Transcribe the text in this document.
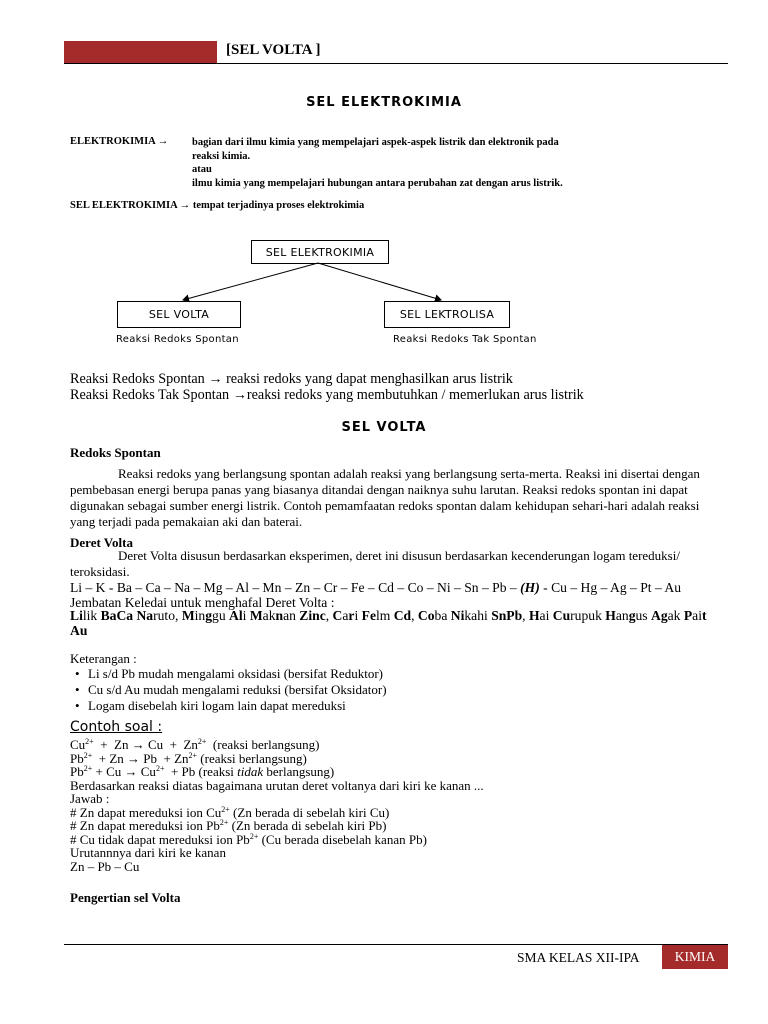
[SEL VOLTA ]
SEL ELEKTROKIMIA
ELEKTROKIMIA → bagian dari ilmu kimia yang mempelajari aspek-aspek listrik dan elektronik pada
reaksi kimia.
atau
ilmu kimia yang mempelajari hubungan antara perubahan zat dengan arus listrik.
SEL ELEKTROKIMIA → tempat terjadinya proses elektrokimia
SEL ELEKTROKIMIA
SEL VOLTA	SEL LEKTROLISA
Reaksi Redoks Spontan	Reaksi Redoks Tak Spontan
Reaksi Redoks Spontan → reaksi redoks yang dapat menghasilkan arus listrik
Reaksi Redoks Tak Spontan →reaksi redoks yang membutuhkan / memerlukan arus listrik
SEL VOLTA
Redoks Spontan
Reaksi redoks yang berlangsung spontan adalah reaksi yang berlangsung serta-merta. Reaksi ini disertai dengan pembebasan energi berupa panas yang biasanya ditandai dengan naiknya suhu larutan. Reaksi redoks spontan ini dapat digunakan sebagai sumber energi listrik. Contoh pemamfaatan redoks spontan dalam kehidupan sehari-hari adalah reaksi yang terjadi pada pemakaian aki dan baterai.
Deret Volta
Deret Volta disusun berdasarkan eksperimen, deret ini disusun berdasarkan kecenderungan logam tereduksi/ teroksidasi.
Li – K - Ba – Ca – Na – Mg – Al – Mn – Zn – Cr – Fe – Cd – Co – Ni – Sn – Pb – (H) - Cu – Hg – Ag – Pt – Au
Jembatan Keledai untuk menghafal Deret Volta :
Lilik BaCa Naruto, Minggu Ali Maknan Zinc, Cari Felm Cd, Coba Nikahi SnPb, Hai Curupuk Hangus Agak Pait Au
Keterangan :
• Li s/d Pb mudah mengalami oksidasi (bersifat Reduktor)
• Cu s/d Au mudah mengalami reduksi (bersifat Oksidator)
• Logam disebelah kiri logam lain dapat mereduksi
Contoh soal :
$Cu^{2+} + Zn \to Cu + Zn^{2+}$  (reaksi berlangsung)
$Pb^{2+} + Zn \to Pb + Zn^{2+}$ (reaksi berlangsung)
$Pb^{2+} + Cu \to Cu^{2+} + Pb$ (reaksi tidak berlangsung)
Berdasarkan reaksi diatas bagaimana urutan deret voltanya dari kiri ke kanan ...
Jawab :
# Zn dapat mereduksi ion $Cu^{2+}$ (Zn berada di sebelah kiri Cu)
# Zn dapat mereduksi ion $Pb^{2+}$ (Zn berada di sebelah kiri Pb)
# Cu tidak dapat mereduksi ion $Pb^{2+}$ (Cu berada disebelah kanan Pb)
Urutannnya dari kiri ke kanan
Zn – Pb – Cu
Pengertian sel Volta
SMA KELAS XII-IPA	KIMIA
